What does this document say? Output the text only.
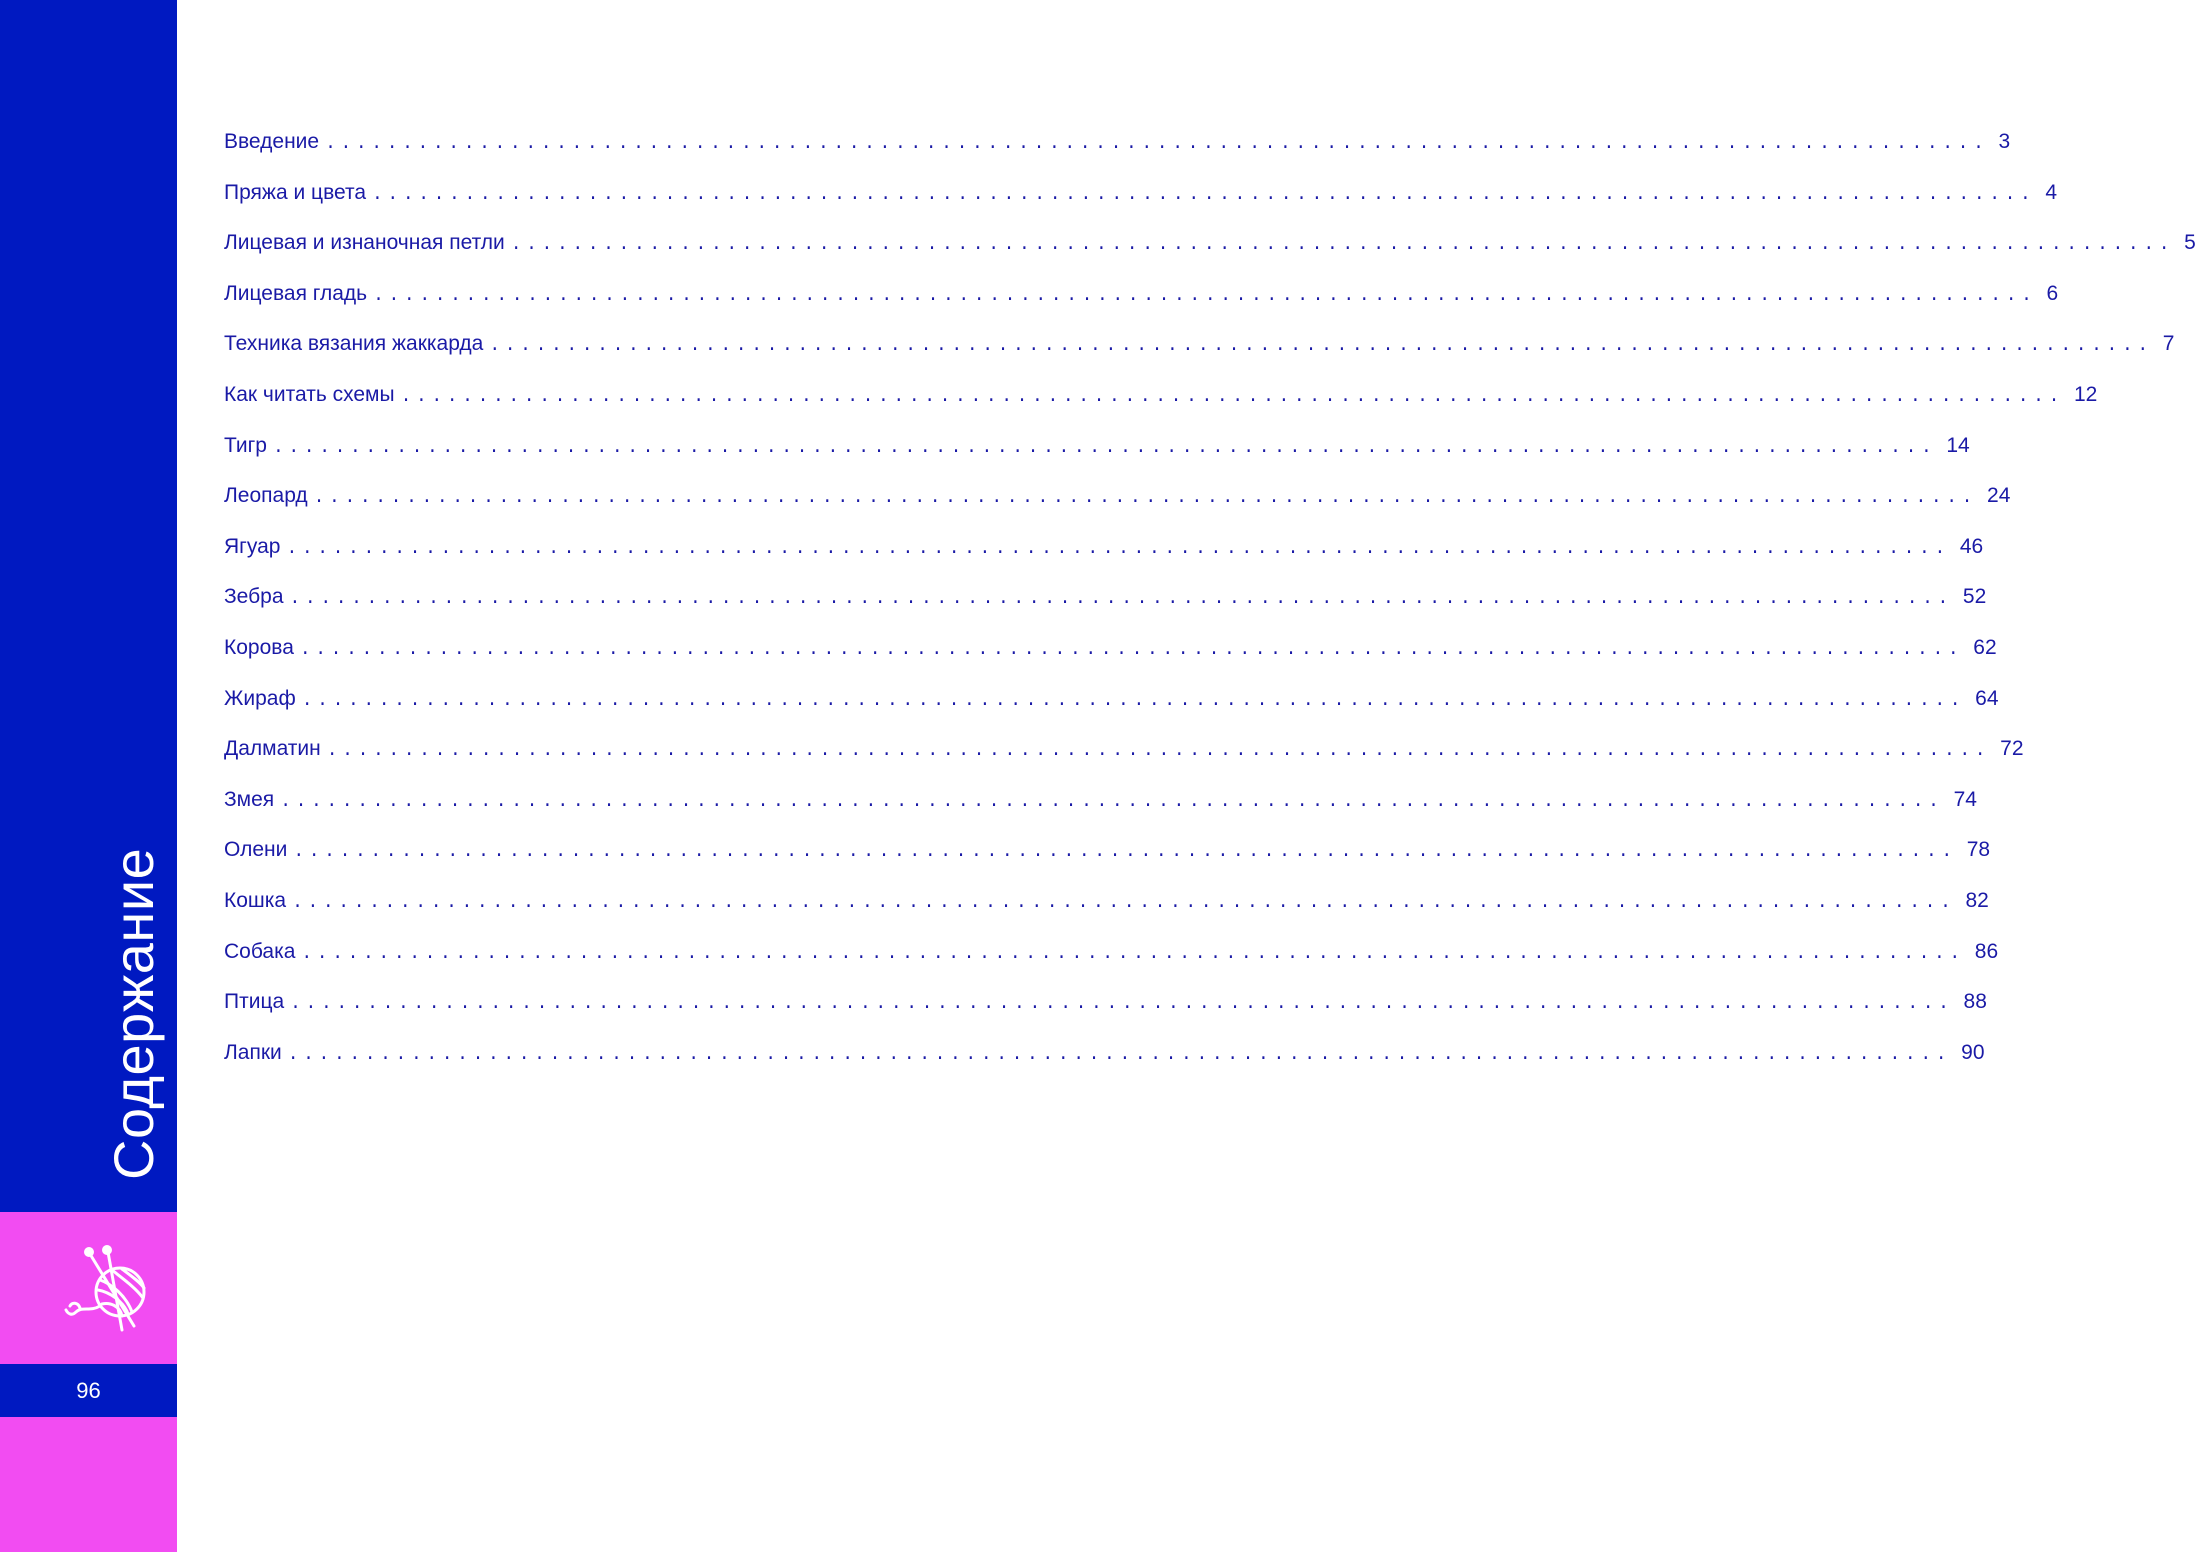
Содержание
96
Введение ............................................................................................................ 3
Пряжа и цвета ............................................................................................................ 4
Лицевая и изнаночная петли ............................................................................................................ 5
Лицевая гладь ............................................................................................................ 6
Техника вязания жаккарда ............................................................................................................ 7
Как читать схемы ............................................................................................................ 12
Тигр ............................................................................................................ 14
Леопард ............................................................................................................ 24
Ягуар ............................................................................................................ 46
Зебра ............................................................................................................ 52
Корова ............................................................................................................ 62
Жираф ............................................................................................................ 64
Далматин ............................................................................................................ 72
Змея ............................................................................................................ 74
Олени ............................................................................................................ 78
Кошка ............................................................................................................ 82
Собака ............................................................................................................ 86
Птица ............................................................................................................ 88
Лапки ............................................................................................................ 90
